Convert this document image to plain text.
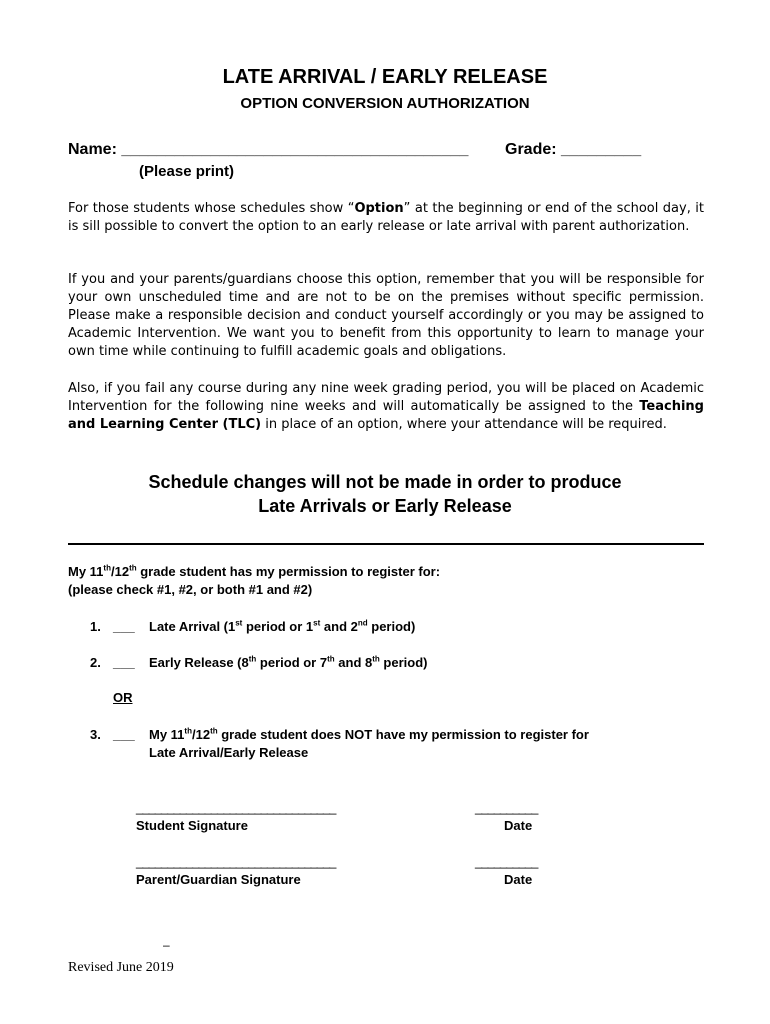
LATE ARRIVAL / EARLY RELEASE
OPTION CONVERSION AUTHORIZATION
Name: _______________________________________ Grade: _________
(Please print)

For those students whose schedules show “Option” at the beginning or end of the school day, it is sill possible to convert the option to an early release or late arrival with parent authorization.

If you and your parents/guardians choose this option, remember that you will be responsible for your own unscheduled time and are not to be on the premises without specific permission. Please make a responsible decision and conduct yourself accordingly or you may be assigned to Academic Intervention. We want you to benefit from this opportunity to learn to manage your own time while continuing to fulfill academic goals and obligations.

Also, if you fail any course during any nine week grading period, you will be placed on Academic Intervention for the following nine weeks and will automatically be assigned to the Teaching and Learning Center (TLC) in place of an option, where your attendance will be required.

Schedule changes will not be made in order to produce
Late Arrivals or Early Release
My 11th/12th grade student has my permission to register for:
(please check #1, #2, or both #1 and #2)
1. ___	Late Arrival (1st period or 1st and 2nd period)
2. ___	Early Release (8th period or 7th and 8th period)
OR
3. ___	My 11th/12th grade student does NOT have my permission to register for
Late Arrival/Early Release
________________________________
Student Signature
__________
Date
________________________________
Parent/Guardian Signature
__________
Date
–
Revised June 2019
